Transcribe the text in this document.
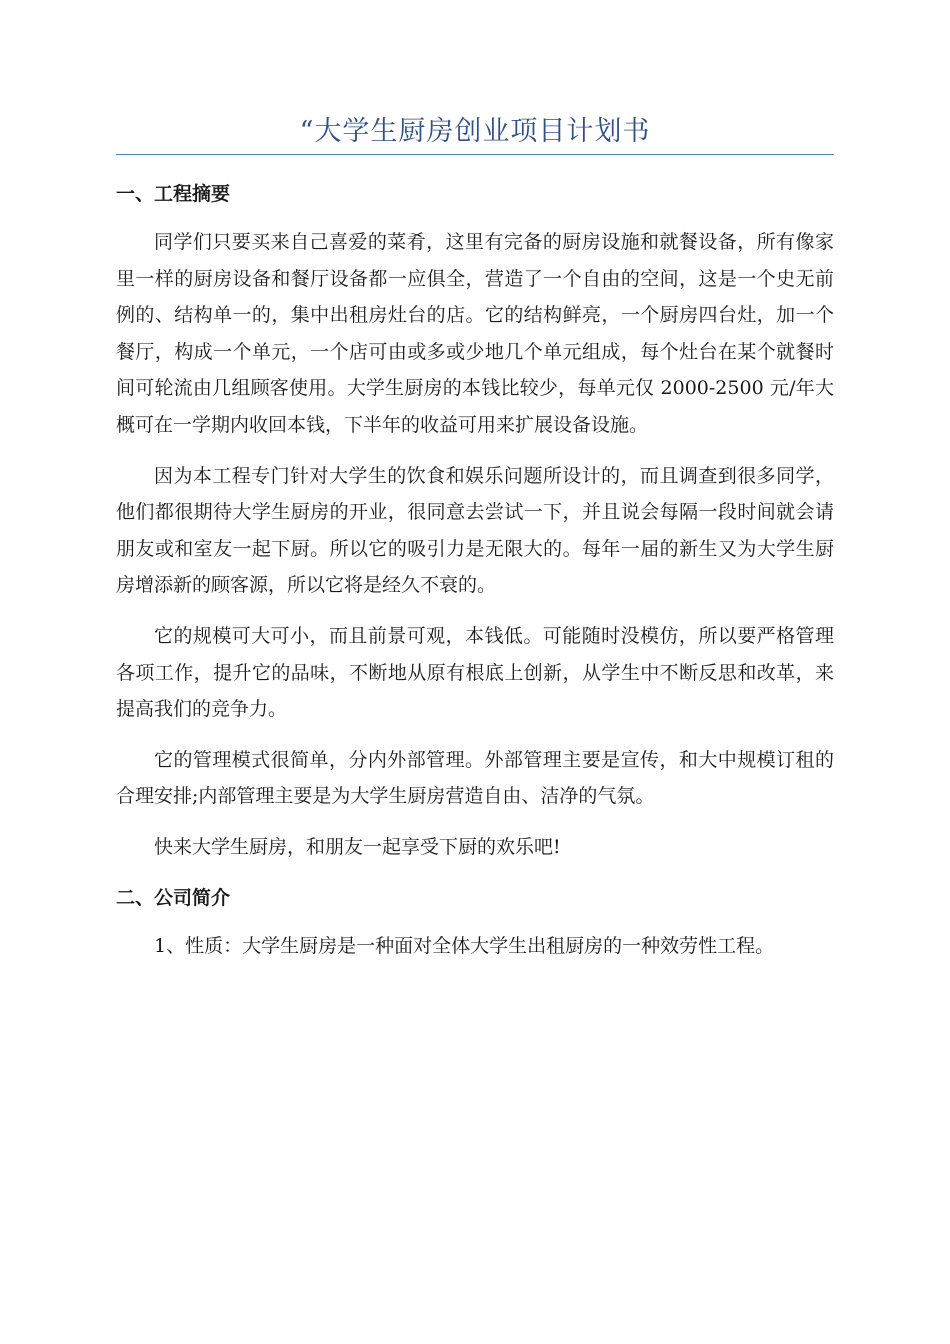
“大学生厨房创业项目计划书
一、工程摘要

同学们只要买来自己喜爱的菜肴，这里有完备的厨房设施和就餐设备，所有像家里一样的厨房设备和餐厅设备都一应俱全，营造了一个自由的空间，这是一个史无前例的、结构单一的，集中出租房灶台的店。它的结构鲜亮，一个厨房四台灶，加一个餐厅，构成一个单元，一个店可由或多或少地几个单元组成，每个灶台在某个就餐时间可轮流由几组顾客使用。大学生厨房的本钱比较少，每单元仅 2000-2500 元/年大概可在一学期内收回本钱，下半年的收益可用来扩展设备设施。

因为本工程专门针对大学生的饮食和娱乐问题所设计的，而且调查到很多同学，他们都很期待大学生厨房的开业，很同意去尝试一下，并且说会每隔一段时间就会请朋友或和室友一起下厨。所以它的吸引力是无限大的。每年一届的新生又为大学生厨房增添新的顾客源，所以它将是经久不衰的。

它的规模可大可小，而且前景可观，本钱低。可能随时没模仿，所以要严格管理各项工作，提升它的品味，不断地从原有根底上创新，从学生中不断反思和改革，来提高我们的竞争力。

它的管理模式很简单，分内外部管理。外部管理主要是宣传，和大中规模订租的合理安排;内部管理主要是为大学生厨房营造自由、洁净的气氛。

快来大学生厨房，和朋友一起享受下厨的欢乐吧!

二、公司简介

1、性质：大学生厨房是一种面对全体大学生出租厨房的一种效劳性工程。
